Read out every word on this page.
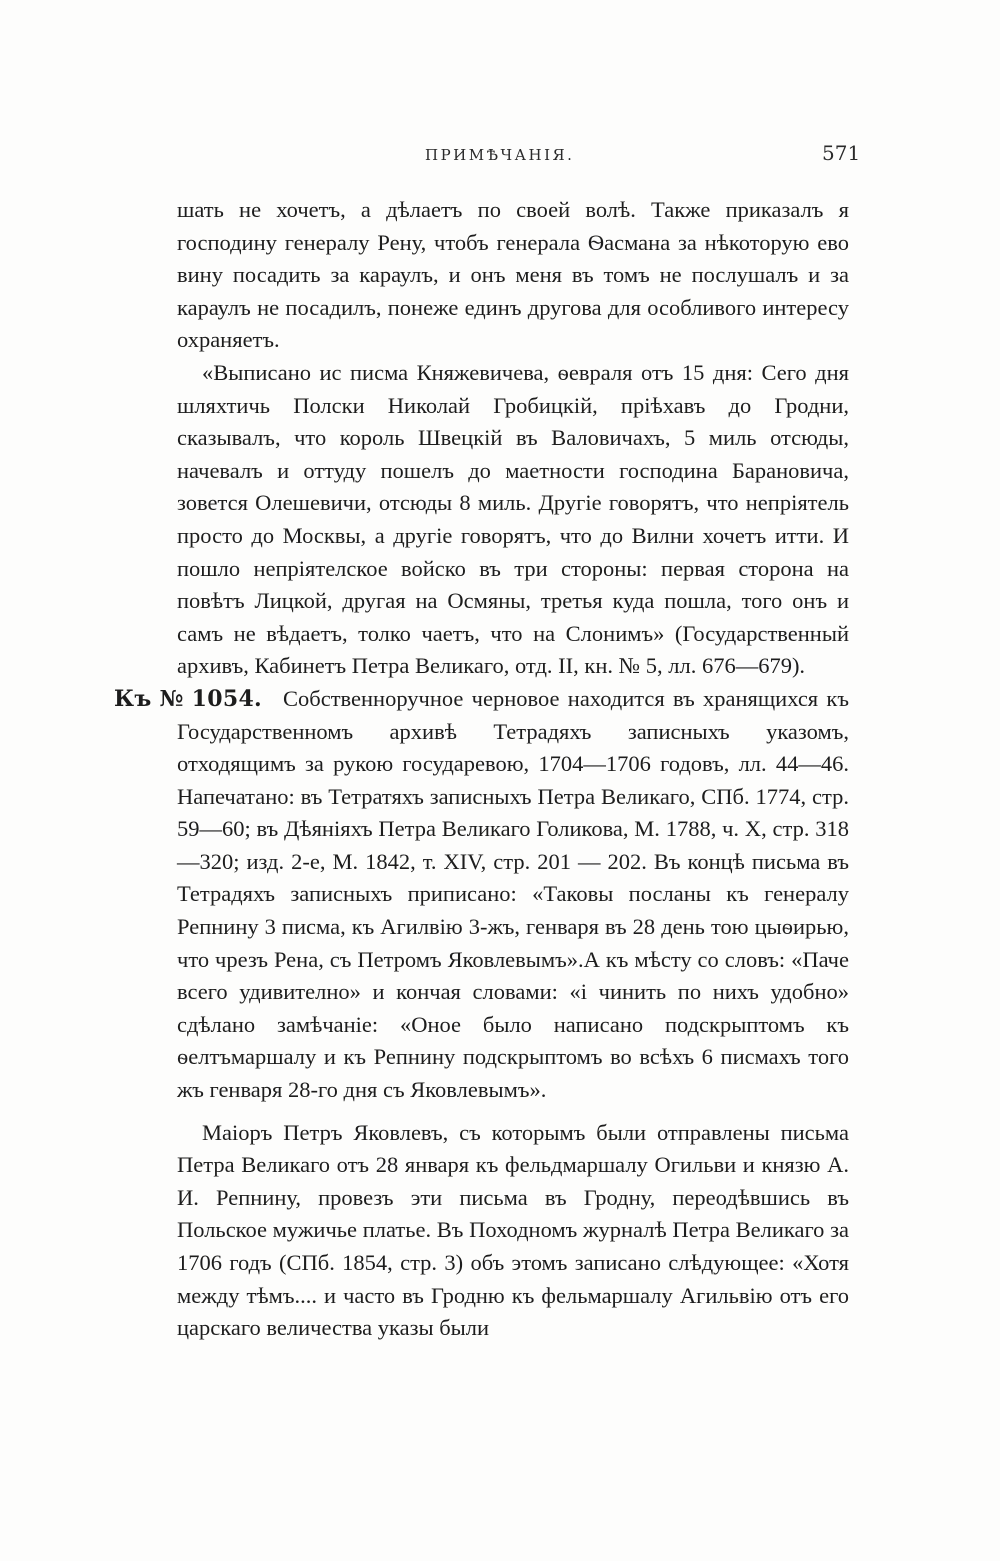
ПРИМѢЧАНІЯ.	571

шать не хочетъ, а дѣлаетъ по своей волѣ. Также приказалъ я господину генералу Рену, чтобъ генерала Ѳасмана за нѣкоторую ево вину посадить за караулъ, и онъ меня въ томъ не послушалъ и за караулъ не посадилъ, понеже единъ другова для особливого интересу охраняетъ.

«Выписано ис писма Княжевичева, ѳевраля отъ 15 дня: Сего дня шляхтичь Полски Николай Гробицкій, пріѣхавъ до Гродни, сказывалъ, что король Швецкій въ Валовичахъ, 5 миль отсюды, начевалъ и оттуду пошелъ до маетности господина Барановича, зовется Олешевичи, отсюды 8 миль. Другіе говорятъ, что непріятель просто до Москвы, а другіе говорятъ, что до Вилни хочетъ итти. И пошло непріятелское войско въ три стороны: первая сторона на повѣтъ Лицкой, другая на Осмяны, третья куда пошла, того онъ и самъ не вѣдаетъ, толко чаетъ, что на Слонимъ» (Государственный архивъ, Кабинетъ Петра Великаго, отд. II, кн. № 5, лл. 676—679).

Къ № 1054. Собственноручное черновое находится въ хранящихся къ Государственномъ архивѣ Тетрадяхъ записныхъ указомъ, отходящимъ за рукою государевою, 1704—1706 годовъ, лл. 44—46. Напечатано: въ Тетратяхъ записныхъ Петра Великаго, СПб. 1774, стр. 59—60; въ Дѣяніяхъ Петра Великаго Голикова, М. 1788, ч. X, стр. 318—320; изд. 2-е, М. 1842, т. XIV, стр. 201 — 202. Въ концѣ письма въ Тетрадяхъ записныхъ приписано: «Таковы посланы къ генералу Репнину 3 писма, къ Агилвію 3-жъ, генваря въ 28 день тою цыѳирью, что чрезъ Рена, съ Петромъ Яковлевымъ».А къ мѣсту со словъ: «Паче всего удивително» и кончая словами: «і чинить по нихъ удобно» сдѣлано замѣчаніе: «Оное было написано подскрыптомъ къ ѳелтъмаршалу и къ Репнину подскрыптомъ во всѣхъ 6 писмахъ того жъ генваря 28-го дня съ Яковлевымъ».

Маіоръ Петръ Яковлевъ, съ которымъ были отправлены письма Петра Великаго отъ 28 января къ фельдмаршалу Огильви и князю А. И. Репнину, провезъ эти письма въ Гродну, переодѣвшись въ Польское мужичье платье. Въ Походномъ журналѣ Петра Великаго за 1706 годъ (СПб. 1854, стр. 3) объ этомъ записано слѣдующее: «Хотя между тѣмъ.... и часто въ Гродню къ фельмаршалу Агильвію отъ его царскаго величества указы были
